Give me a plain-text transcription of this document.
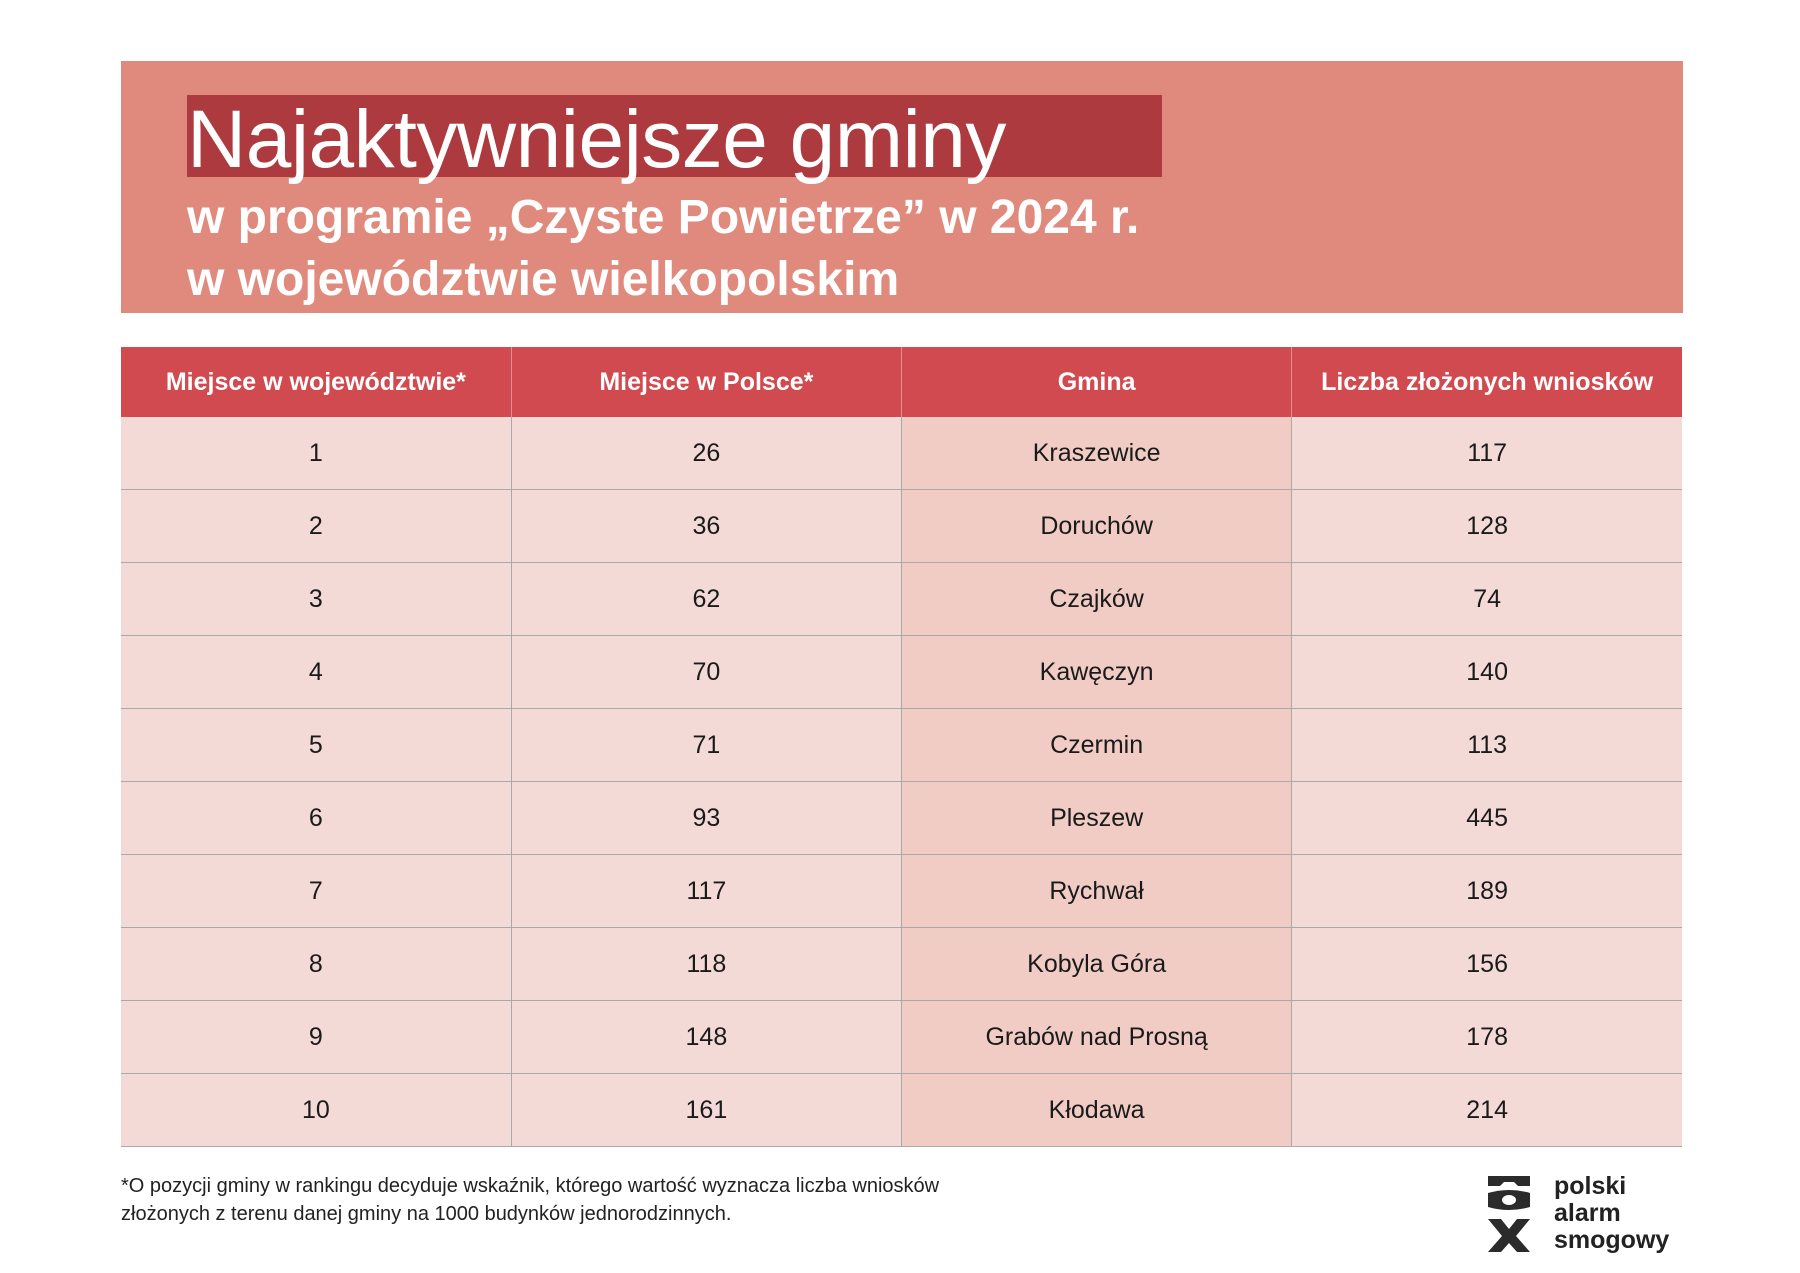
Najaktywniejsze gminy
w programie „Czyste Powietrze” w 2024 r.
w województwie wielkopolskim
Miejsce w województwie*	Miejsce w Polsce*	Gmina	Liczba złożonych wniosków
1	26	Kraszewice	117
2	36	Doruchów	128
3	62	Czajków	74
4	70	Kawęczyn	140
5	71	Czermin	113
6	93	Pleszew	445
7	117	Rychwał	189
8	118	Kobyla Góra	156
9	148	Grabów nad Prosną	178
10	161	Kłodawa	214
*O pozycji gminy w rankingu decyduje wskaźnik, którego wartość wyznacza liczba wniosków
złożonych z terenu danej gminy na 1000 budynków jednorodzinnych.
polski
alarm
smogowy
